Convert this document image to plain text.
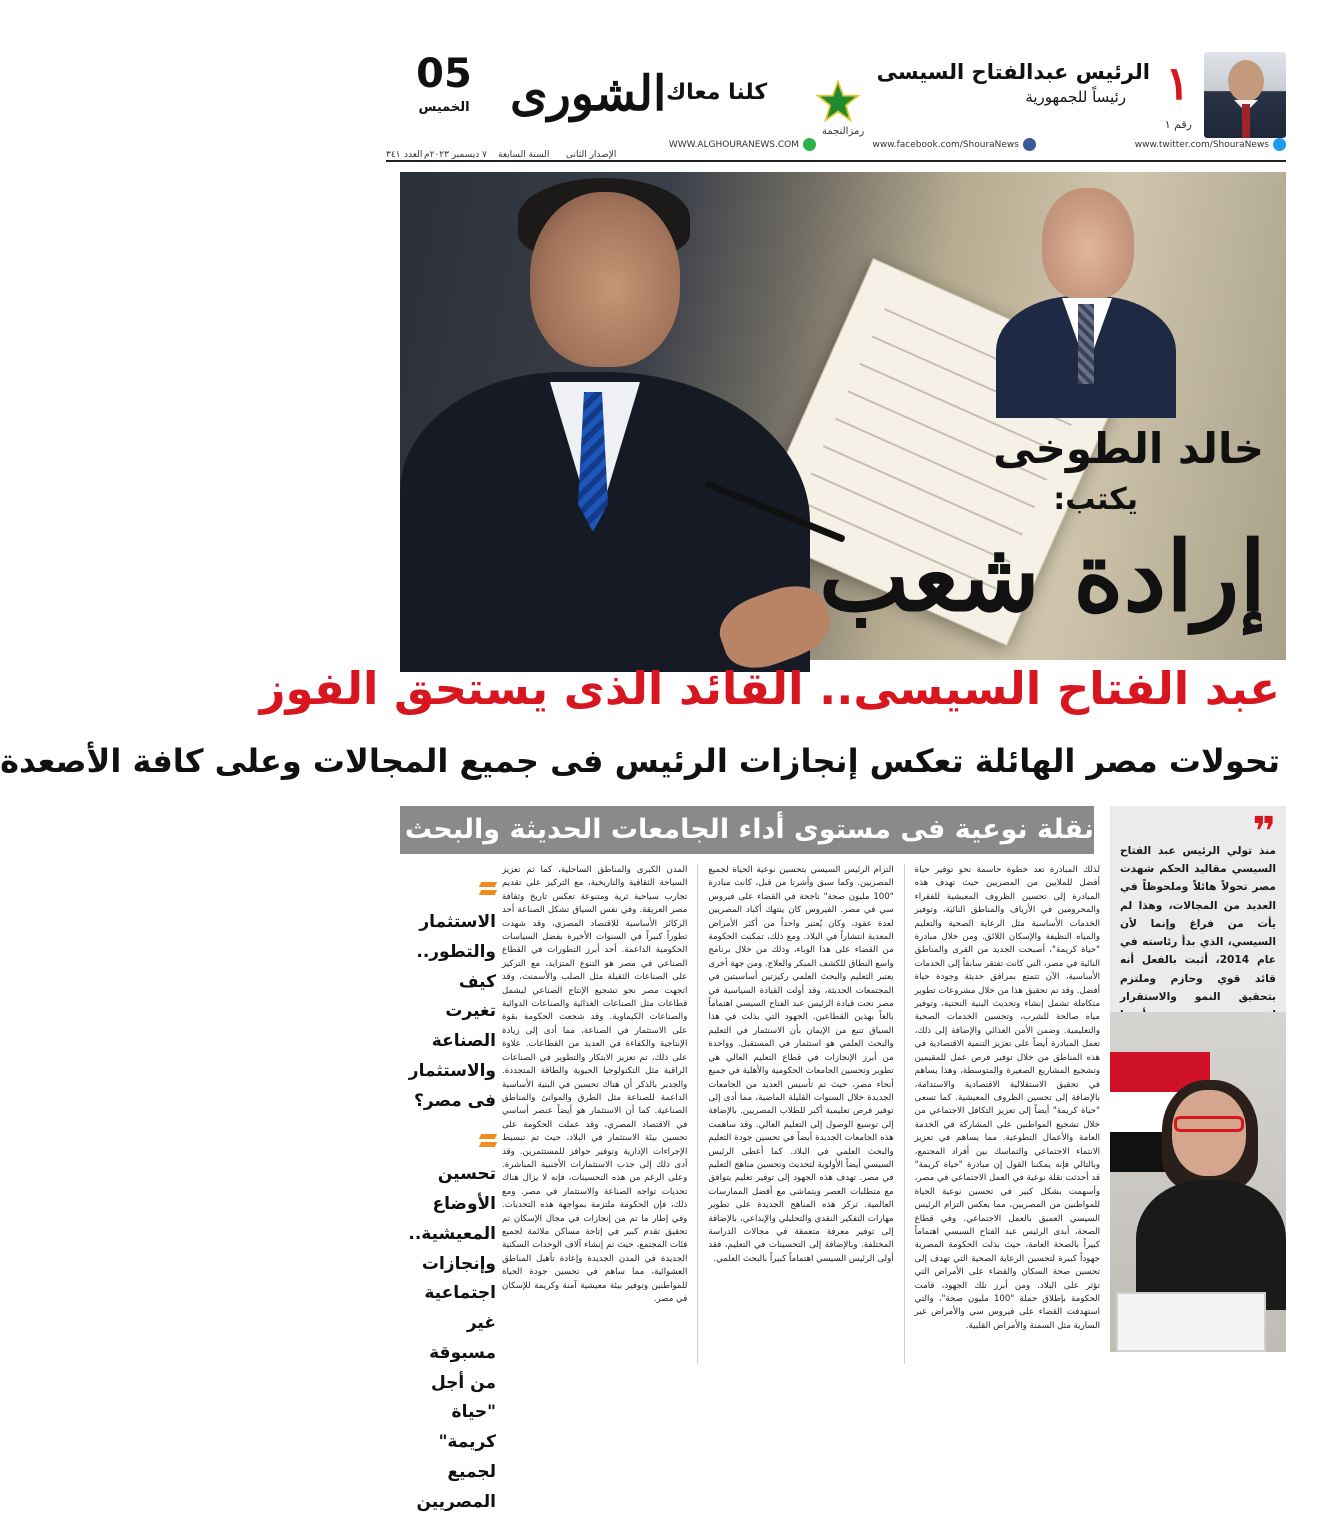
١
رقم ١
الرئيس عبدالفتاح السيسى
رئيساً للجمهورية
رمزالنجمة
كلنا معاك
الشورى
05
الخميس
www.twitter.com/ShouraNews
www.facebook.com/ShouraNews
WWW.ALGHOURANEWS.COM
الإصدار الثانى
السنة السابعة
٧ ديسمبر ٢٠٢٣م
العدد
٣٤١
خالد الطوخى
يكتب:
إرادة شعب
عبد الفتاح السيسى.. القائد الذى يستحق الفوز
تحولات مصر الهائلة تعكس إنجازات الرئيس فى جميع المجالات وعلى كافة الأصعدة
نقلة نوعية فى مستوى أداء الجامعات الحديثة والبحث العلمى فى مصر	❞

منذ تولي الرئيس عبد الفتاح السيسي مقاليد الحكم شهدت مصر تحولاً هائلاً وملحوظاً في العديد من المجالات، وهذا لم يأت من فراغ وإنما لأن السيسي، الذي بدأ رئاسته في عام 2014، أثبت بالفعل أنه قائد قوي وحازم وملتزم بتحقيق النمو والاستقرار

الاستثمار والتطور.. كيف تغيرت الصناعة والاستثمار فى مصر؟
تحسين الأوضاع المعيشية.. وإنجازات اجتماعية غير مسبوقة من أجل "حياة كريمة" لجميع المصريين
لذلك المبادرة تعد خطوة حاسمة نحو توفير حياة أفضل للملايين من المصريين حيث تهدف هذه المبادرة إلى تحسين الظروف المعيشية للفقراء والمحرومين في الأرياف والمناطق النائية، وتوفير الخدمات الأساسية مثل الرعاية الصحية والتعليم والمياه النظيفة والإسكان اللائق. ومن خلال مبادرة "حياة كريمة"، أصبحت الجديد من القرى والمناطق النائية في مصر، التي كانت تفتقر سابقاً إلى الخدمات الأساسية، الآن تتمتع بمرافق حديثة وجودة حياة أفضل. وقد تم تحقيق هذا من خلال مشروعات تطوير متكاملة تشمل إنشاء وتحديث البنية التحتية، وتوفير مياه صالحة للشرب، وتحسين الخدمات الصحية والتعليمية. وضمن الأمن الغذائي والإضافة إلى ذلك، تعمل المبادرة أيضاً على تعزيز التنمية الاقتصادية في هذه المناطق من خلال توفير فرص عمل للمقيمين وتشجيع المشاريع الصغيرة والمتوسطة، وهذا يساهم في تحقيق الاستقلالية الاقتصادية والاستدامة، بالإضافة إلى تحسين الظروف المعيشية. كما تسعى "حياة كريمة" أيضاً إلى تعزيز التكافل الاجتماعي من خلال تشجيع المواطنين على المشاركة في الخدمة العامة والأعمال التطوعية. مما يساهم في تعزيز الانتماء الاجتماعي والتماسك بين أفراد المجتمع، وبالتالي فإنه يمكننا القول إن مبادرة "حياة كريمة" قد أحدثت نقلة نوعية في العمل الاجتماعي في مصر، وأسهمت بشكل كبير في تحسين نوعية الحياة للمواطنين من المصريين، مما يعكس التزام الرئيس السيسي العميق بالعمل الاجتماعي. وفي قطاع الصحة، أبدى الرئيس عبد الفتاح السيسي اهتماماً كبيراً بالصحة العامة، حيث بذلت الحكومة المصرية جهوداً كبيرة لتحسين الرعاية الصحية التي تهدف إلى تحسين صحة السكان والقضاء على الأمراض التي تؤثر على البلاد. ومن أبرز تلك الجهود، قامت الحكومة بإطلاق حملة "100 مليون صحة"، والتي استهدفت القضاء على فيروس سي والأمراض غير السارية مثل السمنة والأمراض القلبية.
التزام الرئيس السيسي بتحسين نوعية الحياة لجميع المصريين. وكما سبق وأشرنا من قبل، كانت مبادرة "100 مليون صحة" ناجحة في القضاء على فيروس سي في مصر. الفيروس كان ينتهك أكباد المصريين لعدة عقود، وكان يُعتبر واحداً من أكثر الأمراض المعدية انتشاراً في البلاد. ومع ذلك، تمكنت الحكومة من القضاء على هذا الوباء، وذلك من خلال برنامج واسع النطاق للكشف المبكر والعلاج. ومن جهة أخرى يعتبر التعليم والبحث العلمي ركيزتين أساسيتين في المجتمعات الحديثة، وقد أولت القيادة السياسية في مصر تحت قيادة الرئيس عبد الفتاح السيسي اهتماماً بالغاً بهذين القطاعين. الجهود التي بذلت في هذا السياق تنبع من الإيمان بأن الاستثمار في التعليم والبحث العلمي هو استثمار في المستقبل. وواحدة من أبرز الإنجازات في قطاع التعليم العالي هي تطوير وتحسين الجامعات الحكومية والأهلية في جميع أنحاء مصر، حيث تم تأسيس العديد من الجامعات الجديدة خلال السنوات القليلة الماضية، مما أدى إلى توفير فرص تعليمية أكبر للطلاب المصريين. بالإضافة إلى توسيع الوصول إلى التعليم العالي. وقد ساهمت هذه الجامعات الجديدة أيضاً في تحسين جودة التعليم والبحث العلمي في البلاد. كما أعطى الرئيس السيسي أيضاً الأولوية لتحديث وتحسين مناهج التعليم في مصر. تهدف هذه الجهود إلى توفير تعليم يتوافق مع متطلبات العصر ويتماشى مع أفضل الممارسات العالمية. تركز هذه المناهج الجديدة على تطوير مهارات التفكير النقدي والتحليلي والإبداعي، بالإضافة إلى توفير معرفة متعمقة في مجالات الدراسة المختلفة. وبالإضافة إلى التحسينات في التعليم، فقد أولى الرئيس السيسي اهتماماً كبيراً بالبحث العلمي.
المدن الكبرى والمناطق الساحلية، كما تم تعزيز السياحة الثقافية والتاريخية، مع التركيز على تقديم تجارب سياحية ثرية ومتنوعة تعكس تاريخ وثقافة مصر العريقة. وفي نفس السياق تشكل الصناعة أحد الركائز الأساسية للاقتصاد المصري، وقد شهدت تطوراً كبيراً في السنوات الأخيرة بفضل السياسات الحكومية الداعمة. أحد أبرز التطورات في القطاع الصناعي في مصر هو التنوع المتزايد، مع التركيز على الصناعات الثقيلة مثل الصلب والأسمنت، وقد اتجهت مصر نحو تشجيع الإنتاج الصناعي ليشمل قطاعات مثل الصناعات الغذائية والصناعات الدوائية والصناعات الكيماوية. وقد شجعت الحكومة بقوة على الاستثمار في الصناعة، مما أدى إلى زيادة الإنتاجية والكفاءة في العديد من القطاعات. علاوة على ذلك، تم تعزيز الابتكار والتطوير في الصناعات الراقية مثل التكنولوجيا الحيوية والطاقة المتجددة. والجدير بالذكر أن هناك تحسين في البنية الأساسية الداعمة للصناعة مثل الطرق والموانئ والمناطق الصناعية. كما أن الاستثمار هو أيضاً عنصر أساسي في الاقتصاد المصري، وقد عملت الحكومة على تحسين بيئة الاستثمار في البلاد، حيث تم تبسيط الإجراءات الإدارية وتوفير حوافز للمستثمرين. وقد أدى ذلك إلى جذب الاستثمارات الأجنبية المباشرة. وعلى الرغم من هذه التحسينات، فإنه لا يزال هناك تحديات تواجه الصناعة والاستثمار في مصر. ومع ذلك، فإن الحكومة ملتزمة بمواجهة هذه التحديات. وفي إطار ما تم من إنجازات في مجال الإسكان تم تحقيق تقدم كبير في إتاحة مساكن ملائمة لجميع فئات المجتمع، حيث تم إنشاء آلاف الوحدات السكنية الجديدة في المدن الجديدة وإعادة تأهيل المناطق العشوائية، مما ساهم في تحسين جودة الحياة للمواطنين وتوفير بيئة معيشية آمنة وكريمة للإسكان في مصر.
